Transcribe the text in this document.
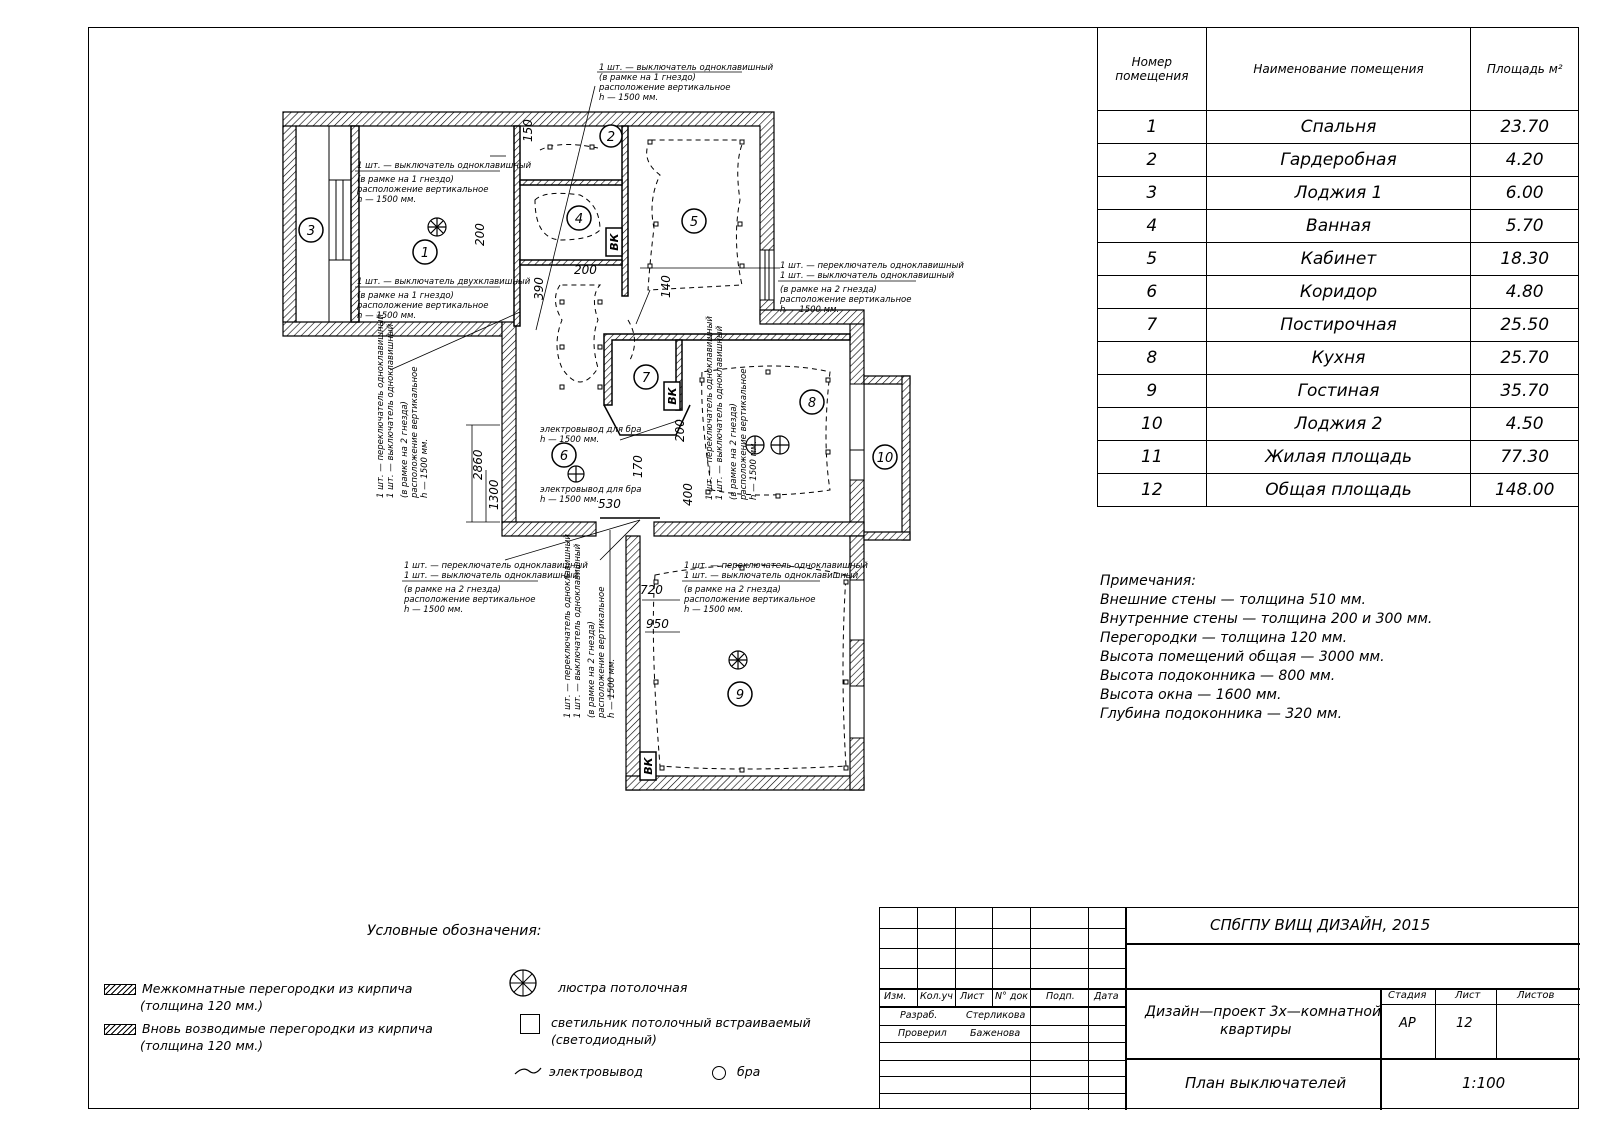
3
1
2
4	5
6
7
8
9
10
ВК
ВК
ВК
150
200
200
390	140
2860
1300	530
170
200
400
720
950
1 шт. — выключатель одноклавишный
(в рамке на 1 гнездо)
расположение вертикальное
h — 1500 мм.
1 шт. — выключатель одноклавишный
(в рамке на 1 гнездо)
расположение вертикальное
h — 1500 мм.
1 шт. — выключатель двухклавишный
(в рамке на 1 гнездо)
расположение вертикальное
h — 1500 мм.
1 шт. — переключатель одноклавишный
1 шт. — выключатель одноклавишный
(в рамке на 2 гнезда)
расположение вертикальное
h — 1500 мм.
1 шт. — переключатель одноклавишный
1 шт. — выключатель одноклавишный
(в рамке на 2 гнезда)
расположение вертикальное
h — 1500 мм.
1 шт. — переключатель одноклавишный
1 шт. — выключатель одноклавишный
(в рамке на 2 гнезда)
расположение вертикальное
h — 1500 мм.
электровывод для бра
h — 1500 мм.
электровывод для бра
h — 1500 мм.
1 шт. — переключатель одноклавишный 1 шт. — выключатель одноклавишный (в рамке на 2 гнезда) расположение вертикальное h — 1500 мм.
1 шт. — переключатель одноклавишный 1 шт. — выключатель одноклавишный (в рамке на 2 гнезда) расположение вертикальное h — 1500 мм.
1 шт. — переключатель одноклавишный 1 шт. — выключатель одноклавишный (в рамке на 2 гнезда) расположение вертикальное h — 1500 мм.
Номер помещения	Наименование помещения	Площадь м²
1	Спальня	23.70
2	Гардеробная	4.20
3	Лоджия 1	6.00
4	Ванная	5.70
5	Кабинет	18.30
6	Коридор	4.80
7	Постирочная	25.50
8	Кухня	25.70
9	Гостиная	35.70
10	Лоджия 2	4.50
11	Жилая площадь	77.30
12	Общая площадь	148.00
Примечания:
Внешние стены — толщина 510 мм.
Внутренние стены — толщина 200 и 300 мм.
Перегородки — толщина 120 мм.
Высота помещений общая — 3000 мм.
Высота подоконника — 800 мм.
Высота окна — 1600 мм.
Глубина подоконника — 320 мм.
Условные обозначения:
Межкомнатные перегородки из кирпича
(толщина 120 мм.)
Вновь возводимые перегородки из кирпича
(толщина 120 мм.)
люстра потолочная
светильник потолочный встраиваемый
(светодиодный)
электровывод	бра
Изм. Кол.уч Лист N° док Подп. Дата
Разраб.	Стерликова
Проверил Баженова
СПбГПУ ВИЩ ДИЗАЙН, 2015
Дизайн—проект 3х—комнатной
квартиры
Стадия	Лист	Листов
АР	12
План выключателей	1:100
